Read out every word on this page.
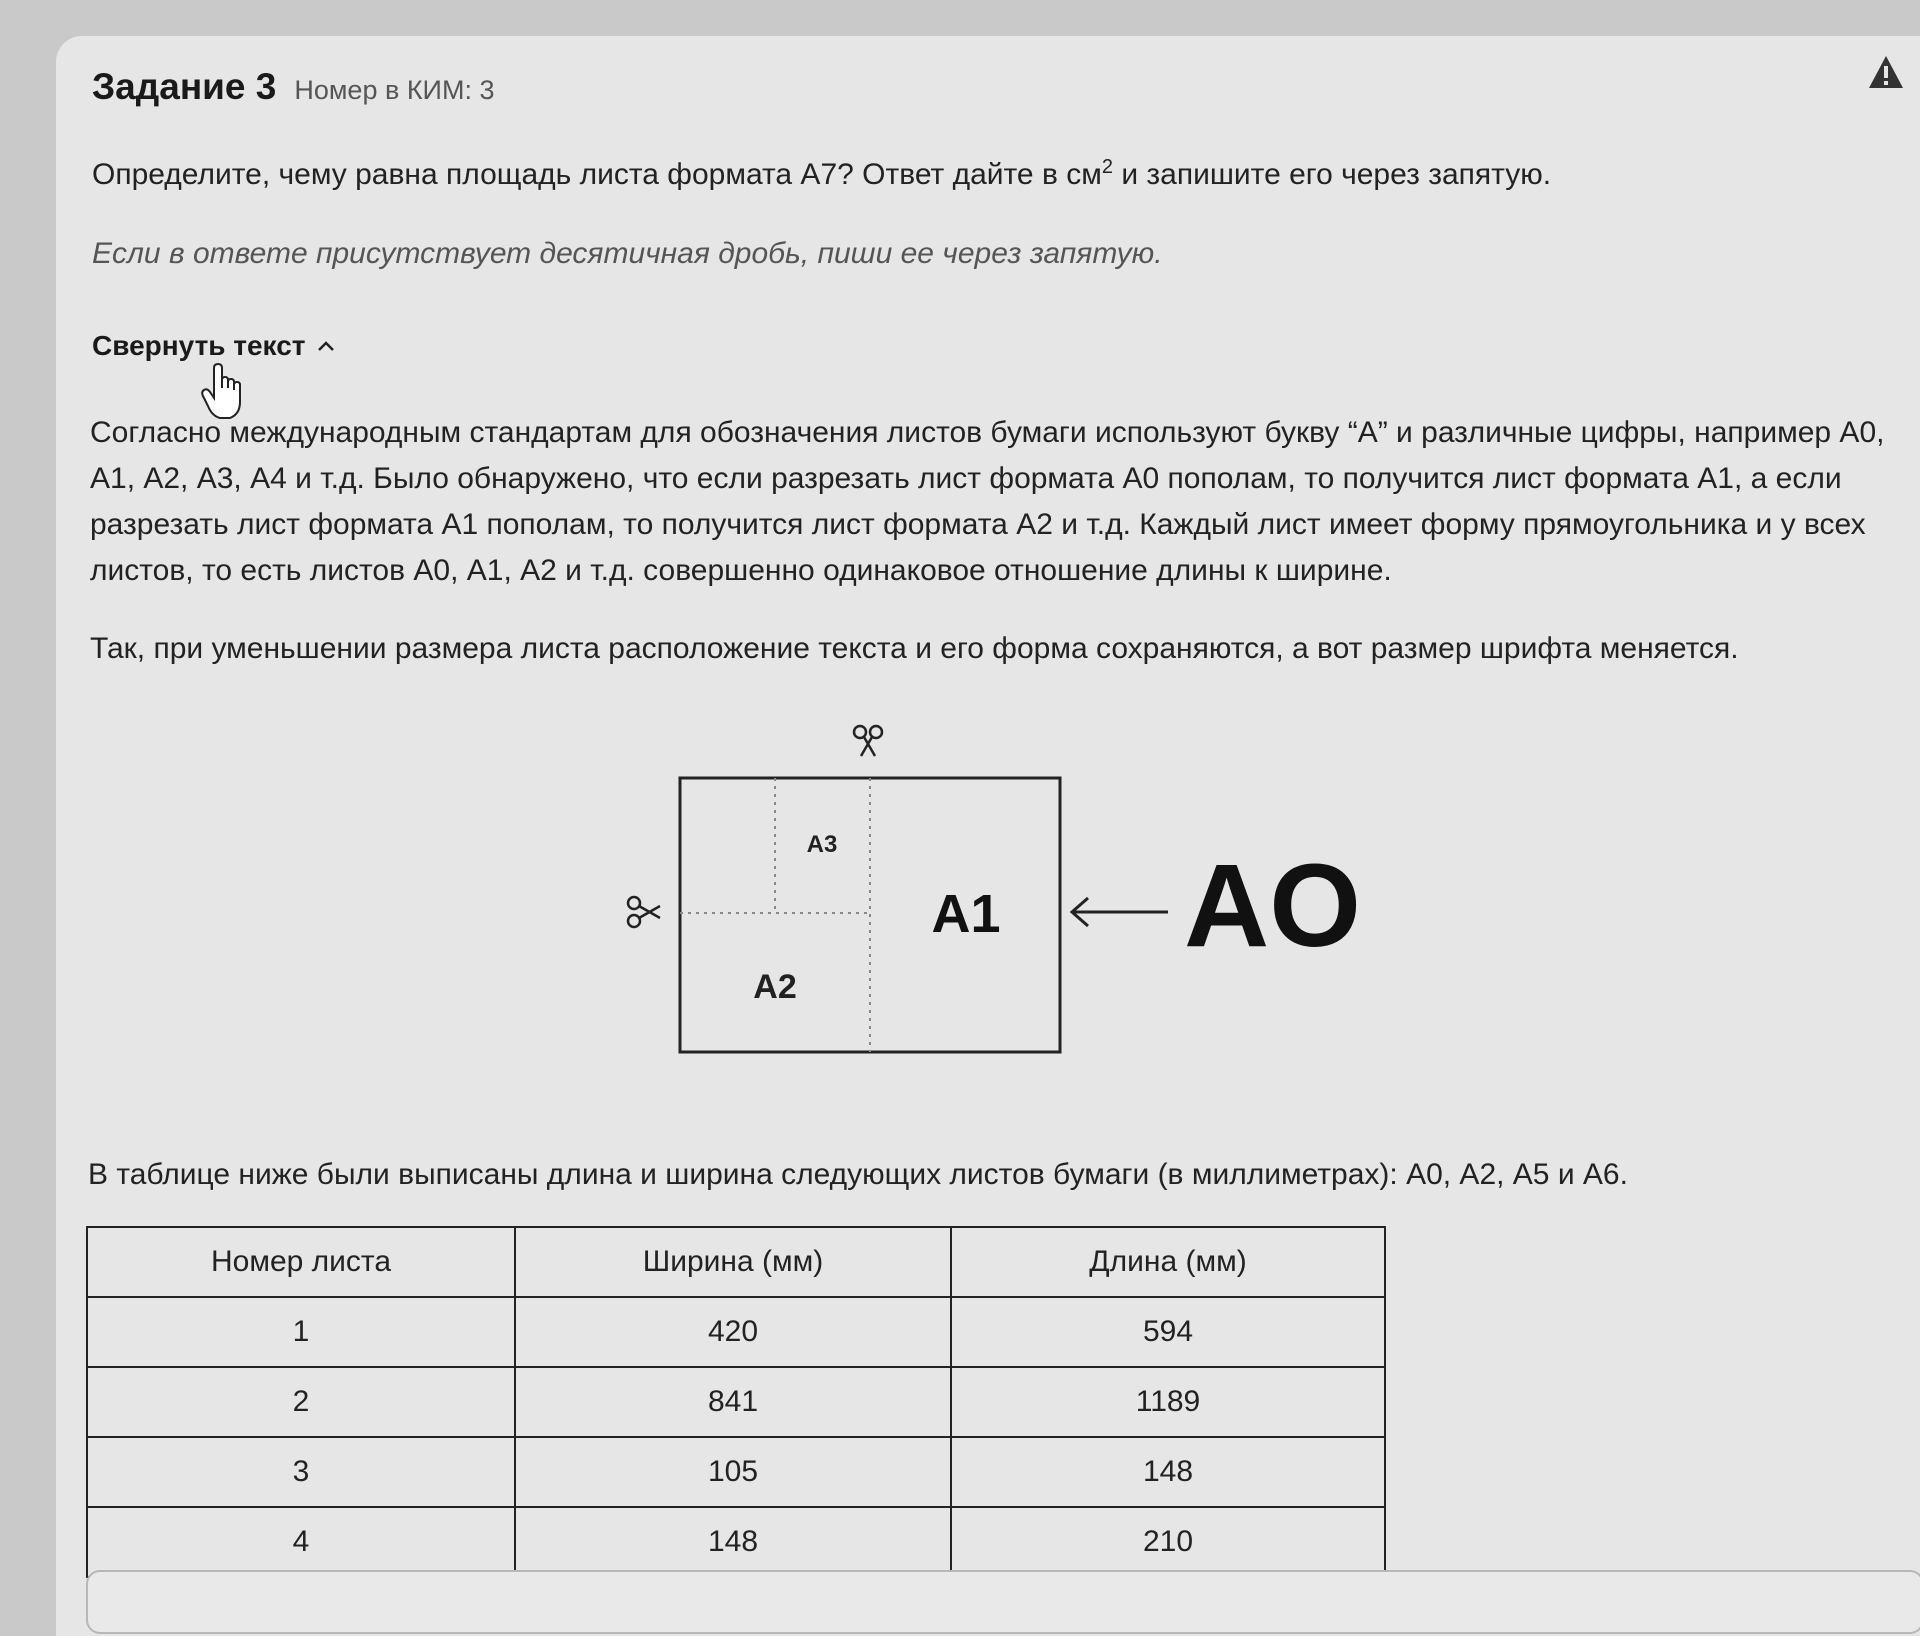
Задание 3 Номер в КИМ: 3
Определите, чему равна площадь листа формата А7? Ответ дайте в $см^2$ и запишите его через запятую.
Если в ответе присутствует десятичная дробь, пиши ее через запятую.
Свернуть текст
Согласно международным стандартам для обозначения листов бумаги используют букву “А” и различные цифры, например А0, А1, А2, А3, А4 и т.д. Было обнаружено, что если разрезать лист формата А0 пополам, то получится лист формата А1, а если разрезать лист формата А1 пополам, то получится лист формата А2 и т.д. Каждый лист имеет форму прямоугольника и у всех листов, то есть листов А0, А1, А2 и т.д. совершенно одинаковое отношение длины к ширине.
Так, при уменьшении размера листа расположение текста и его форма сохраняются, а вот размер шрифта меняется.
A3
A1
A2
AO
В таблице ниже были выписаны длина и ширина следующих листов бумаги (в миллиметрах): А0, А2, А5 и А6.
Номер листа	Ширина (мм)	Длина (мм)
1	420	594
2	841	1189
3	105	148
4	148	210
